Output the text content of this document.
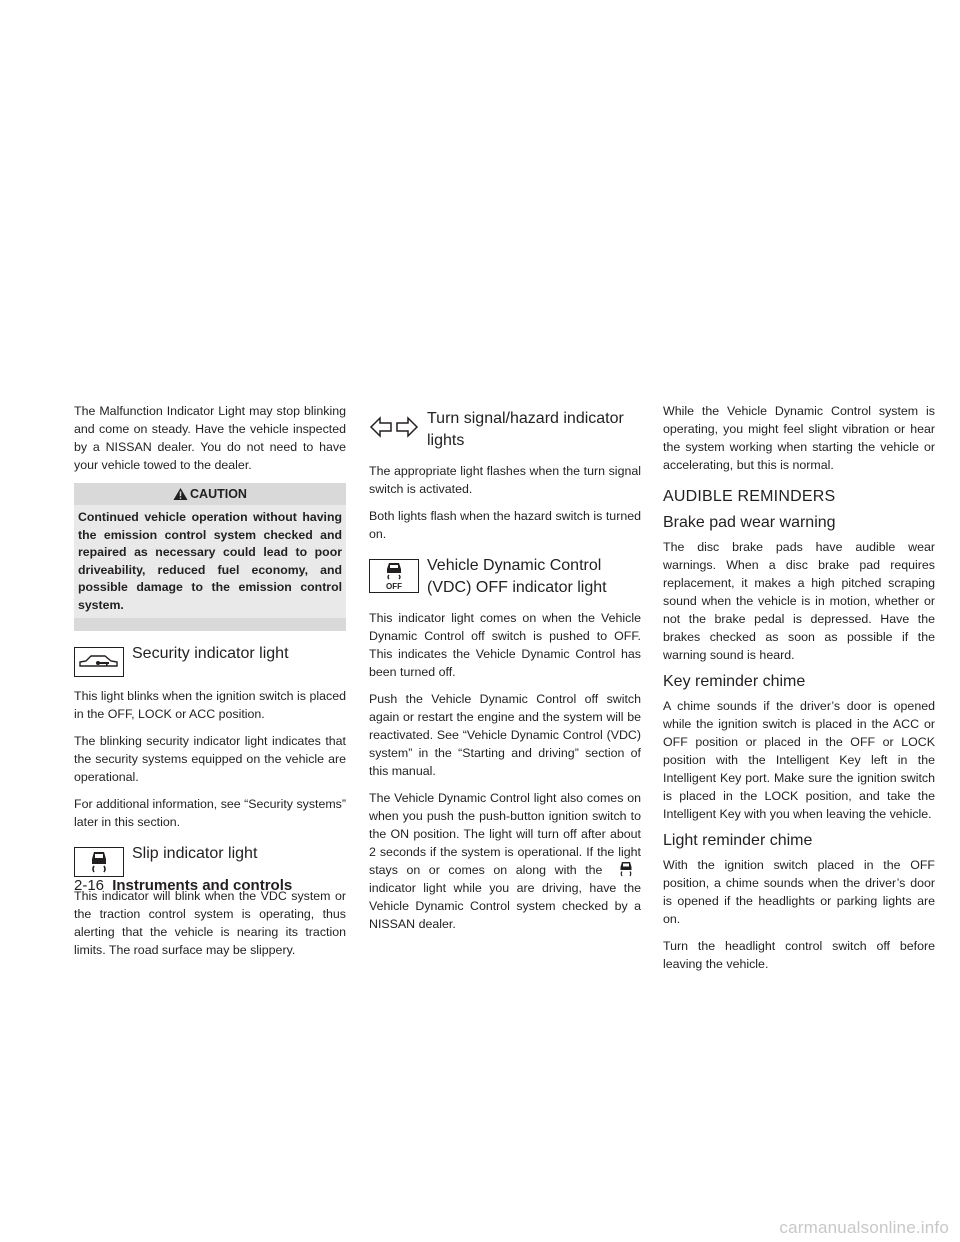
The Malfunction Indicator Light may stop blinking and come on steady. Have the vehicle inspected by a NISSAN dealer. You do not need to have your vehicle towed to the dealer.

CAUTION

Continued vehicle operation without having the emission control system checked and repaired as necessary could lead to poor driveability, reduced fuel economy, and possible damage to the emission control system.

Security indicator light

This light blinks when the ignition switch is placed in the OFF, LOCK or ACC position.

The blinking security indicator light indicates that the security systems equipped on the vehicle are operational.

For additional information, see “Security systems” later in this section.

Slip indicator light

This indicator will blink when the VDC system or the traction control system is operating, thus alerting that the vehicle is nearing its traction limits. The road surface may be slippery.

Turn signal/hazard indicator lights

The appropriate light flashes when the turn signal switch is activated.

Both lights flash when the hazard switch is turned on.

OFF
Vehicle Dynamic Control (VDC) OFF indicator light

This indicator light comes on when the Vehicle Dynamic Control off switch is pushed to OFF. This indicates the Vehicle Dynamic Control has been turned off.

Push the Vehicle Dynamic Control off switch again or restart the engine and the system will be reactivated. See “Vehicle Dynamic Control (VDC) system” in the “Starting and driving” section of this manual.

The Vehicle Dynamic Control light also comes on when you push the push-button ignition switch to the ON position. The light will turn off after about 2 seconds if the system is operational. If the light stays on or comes on along with the  indicator light while you are driving, have the Vehicle Dynamic Control system checked by a NISSAN dealer.

While the Vehicle Dynamic Control system is operating, you might feel slight vibration or hear the system working when starting the vehicle or accelerating, but this is normal.

AUDIBLE REMINDERS
Brake pad wear warning

The disc brake pads have audible wear warnings. When a disc brake pad requires replacement, it makes a high pitched scraping sound when the vehicle is in motion, whether or not the brake pedal is depressed. Have the brakes checked as soon as possible if the warning sound is heard.

Key reminder chime

A chime sounds if the driver’s door is opened while the ignition switch is placed in the ACC or OFF position or placed in the OFF or LOCK position with the Intelligent Key left in the Intelligent Key port. Make sure the ignition switch is placed in the LOCK position, and take the Intelligent Key with you when leaving the vehicle.

Light reminder chime

With the ignition switch placed in the OFF position, a chime sounds when the driver’s door is opened if the headlights or parking lights are on.

Turn the headlight control switch off before leaving the vehicle.

2-16 Instruments and controls
carmanualsonline.info
